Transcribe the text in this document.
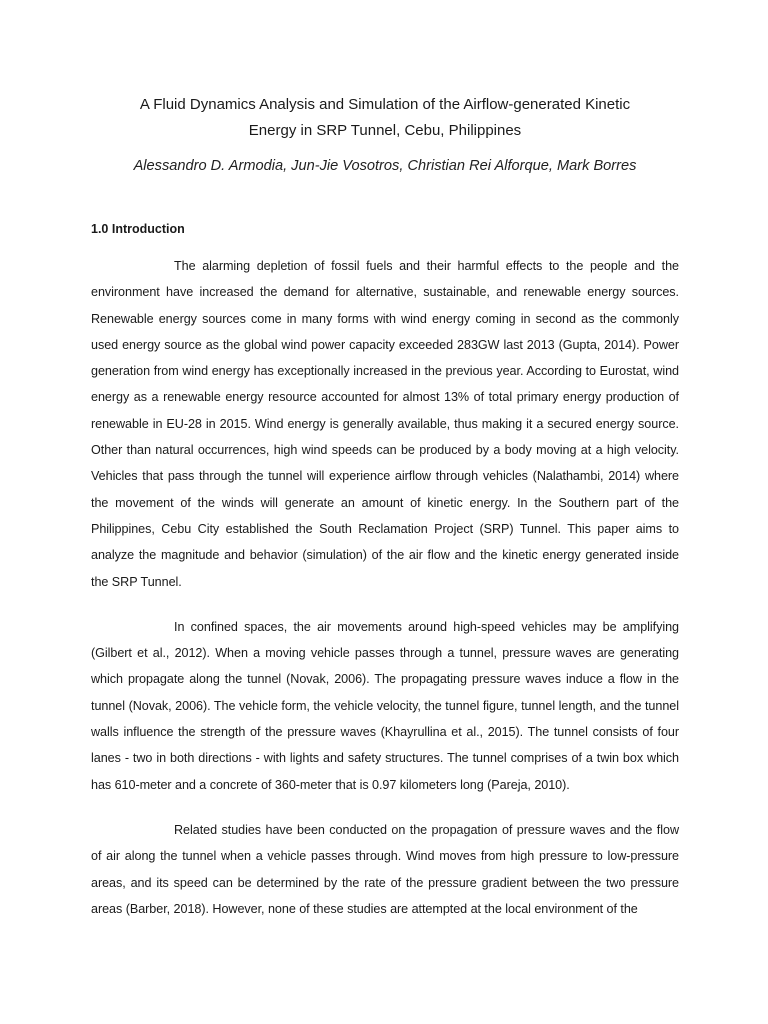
A Fluid Dynamics Analysis and Simulation of the Airflow-generated Kinetic Energy in SRP Tunnel, Cebu, Philippines

Alessandro D. Armodia, Jun-Jie Vosotros, Christian Rei Alforque, Mark Borres

1.0 Introduction

The alarming depletion of fossil fuels and their harmful effects to the people and the environment have increased the demand for alternative, sustainable, and renewable energy sources. Renewable energy sources come in many forms with wind energy coming in second as the commonly used energy source as the global wind power capacity exceeded 283GW last 2013 (Gupta, 2014). Power generation from wind energy has exceptionally increased in the previous year. According to Eurostat, wind energy as a renewable energy resource accounted for almost 13% of total primary energy production of renewable in EU-28 in 2015. Wind energy is generally available, thus making it a secured energy source. Other than natural occurrences, high wind speeds can be produced by a body moving at a high velocity. Vehicles that pass through the tunnel will experience airflow through vehicles (Nalathambi, 2014) where the movement of the winds will generate an amount of kinetic energy. In the Southern part of the Philippines, Cebu City established the South Reclamation Project (SRP) Tunnel. This paper aims to analyze the magnitude and behavior (simulation) of the air flow and the kinetic energy generated inside the SRP Tunnel.

In confined spaces, the air movements around high-speed vehicles may be amplifying (Gilbert et al., 2012). When a moving vehicle passes through a tunnel, pressure waves are generating which propagate along the tunnel (Novak, 2006). The propagating pressure waves induce a flow in the tunnel (Novak, 2006). The vehicle form, the vehicle velocity, the tunnel figure, tunnel length, and the tunnel walls influence the strength of the pressure waves (Khayrullina et al., 2015). The tunnel consists of four lanes - two in both directions - with lights and safety structures. The tunnel comprises of a twin box which has 610-meter and a concrete of 360-meter that is 0.97 kilometers long (Pareja, 2010).

Related studies have been conducted on the propagation of pressure waves and the flow of air along the tunnel when a vehicle passes through. Wind moves from high pressure to low-pressure areas, and its speed can be determined by the rate of the pressure gradient between the two pressure areas (Barber, 2018). However, none of these studies are attempted at the local environment of the
